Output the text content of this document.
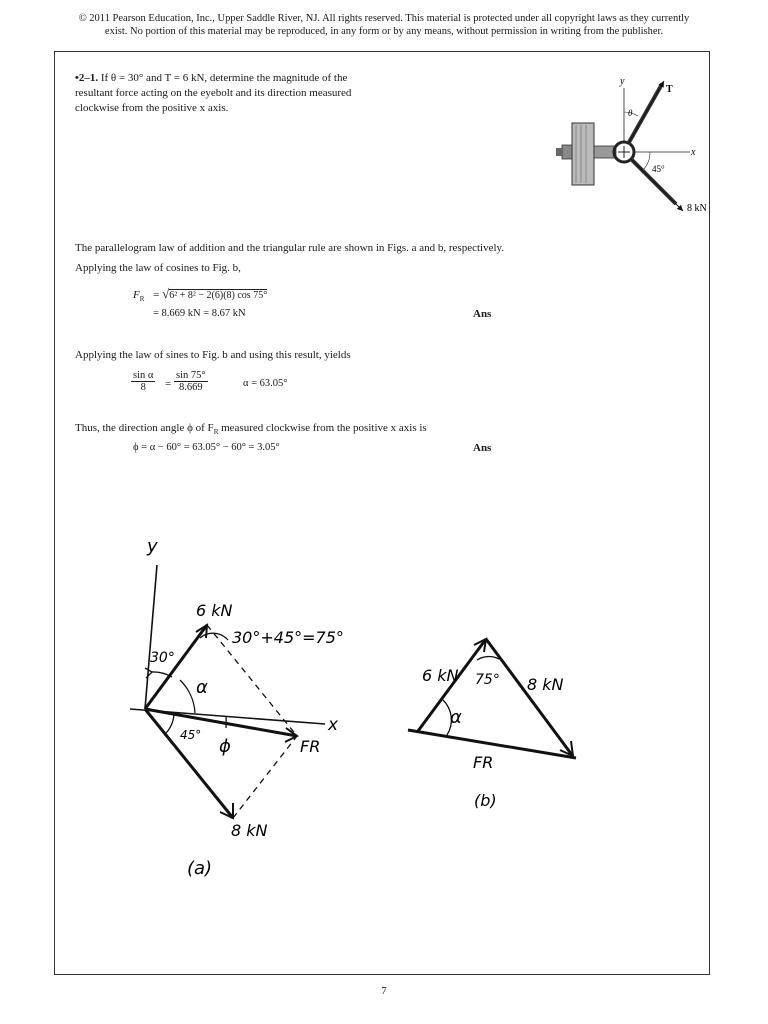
© 2011 Pearson Education, Inc., Upper Saddle River, NJ. All rights reserved. This material is protected under all copyright laws as they currently
exist. No portion of this material may be reproduced, in any form or by any means, without permission in writing from the publisher.
•2–1. If θ = 30° and T = 6 kN, determine the magnitude of the resultant force acting on the eyebolt and its direction measured clockwise from the positive x axis.
y
x
T
θ
8 kN
45°
The parallelogram law of addition and the triangular rule are shown in Figs. a and b, respectively.
Applying the law of cosines to Fig. b,
$F_R = √6^2 + 8^2 - 2(6)(8)$ cos 75°
= 8.669 kN = 8.67 kN	Ans
Applying the law of sines to Fig. b and using this result, yields
$\frac{\text{sin α}}{8} = \frac{\sin 75^\circ}{8.669}$	α = 63.05°
Thus, the direction angle ϕ of $F_R$ measured clockwise from the positive x axis is
ϕ = α − 60° = 63.05° − 60° = 3.05°	Ans
y
x
6 kN
30°+45°=75°
30°
α
45°
ϕ	FR
8 kN
(a)
6 kN 75° 8 kN
α
FR
(b)
7
